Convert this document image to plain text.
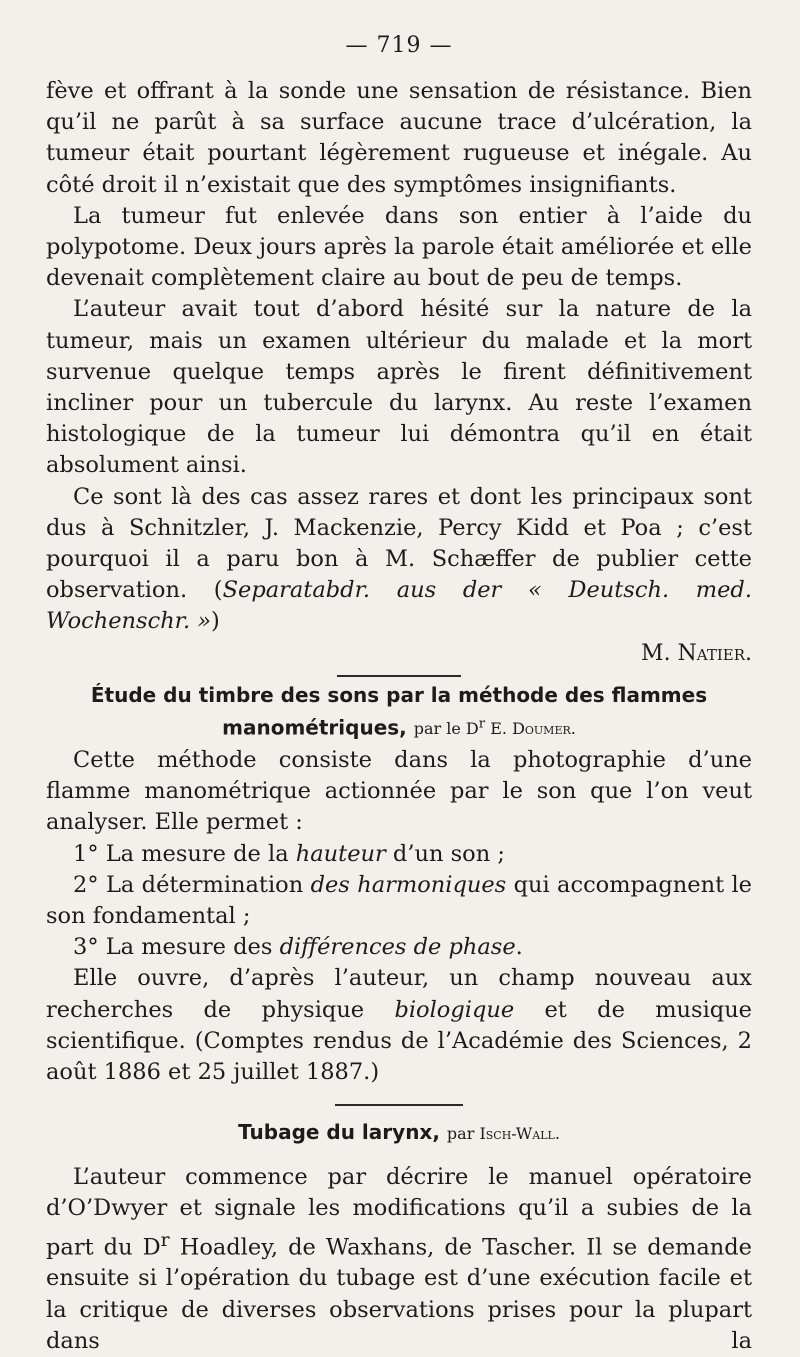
— 719 —

fève et offrant à la sonde une sensation de résistance. Bien qu’il ne parût à sa surface aucune trace d’ulcération, la tumeur était pourtant légèrement rugueuse et inégale. Au côté droit il n’existait que des symptômes insignifiants.

La tumeur fut enlevée dans son entier à l’aide du polypotome. Deux jours après la parole était améliorée et elle devenait complètement claire au bout de peu de temps.

L’auteur avait tout d’abord hésité sur la nature de la tumeur, mais un examen ultérieur du malade et la mort survenue quelque temps après le firent définitivement incliner pour un tubercule du larynx. Au reste l’examen histologique de la tumeur lui démontra qu’il en était absolument ainsi.

Ce sont là des cas assez rares et dont les principaux sont dus à Schnitzler, J. Mackenzie, Percy Kidd et Poa ; c’est pourquoi il a paru bon à M. Schæffer de publier cette observation. (Separatabdr. aus der « Deutsch. med. Wochenschr. »)

M. Natier.
Étude du timbre des sons par la méthode des flammes
manométriques, par le $D^r$ E. Doumer.

Cette méthode consiste dans la photographie d’une flamme manométrique actionnée par le son que l’on veut analyser. Elle permet :

1° La mesure de la hauteur d’un son ;

2° La détermination des harmoniques qui accompagnent le son fondamental ;

3° La mesure des différences de phase.

Elle ouvre, d’après l’auteur, un champ nouveau aux recherches de physique biologique et de musique scientifique. (Comptes rendus de l’Académie des Sciences, 2 août 1886 et 25 juillet 1887.)

Tubage du larynx, par Isch-Wall.

L’auteur commence par décrire le manuel opératoire d’O’Dwyer et signale les modifications qu’il a subies de la part du $D^r$ Hoadley, de Waxhans, de Tascher. Il se demande ensuite si l’opération du tubage est d’une exécution facile et la critique de diverses observations prises pour la plupart dans la
